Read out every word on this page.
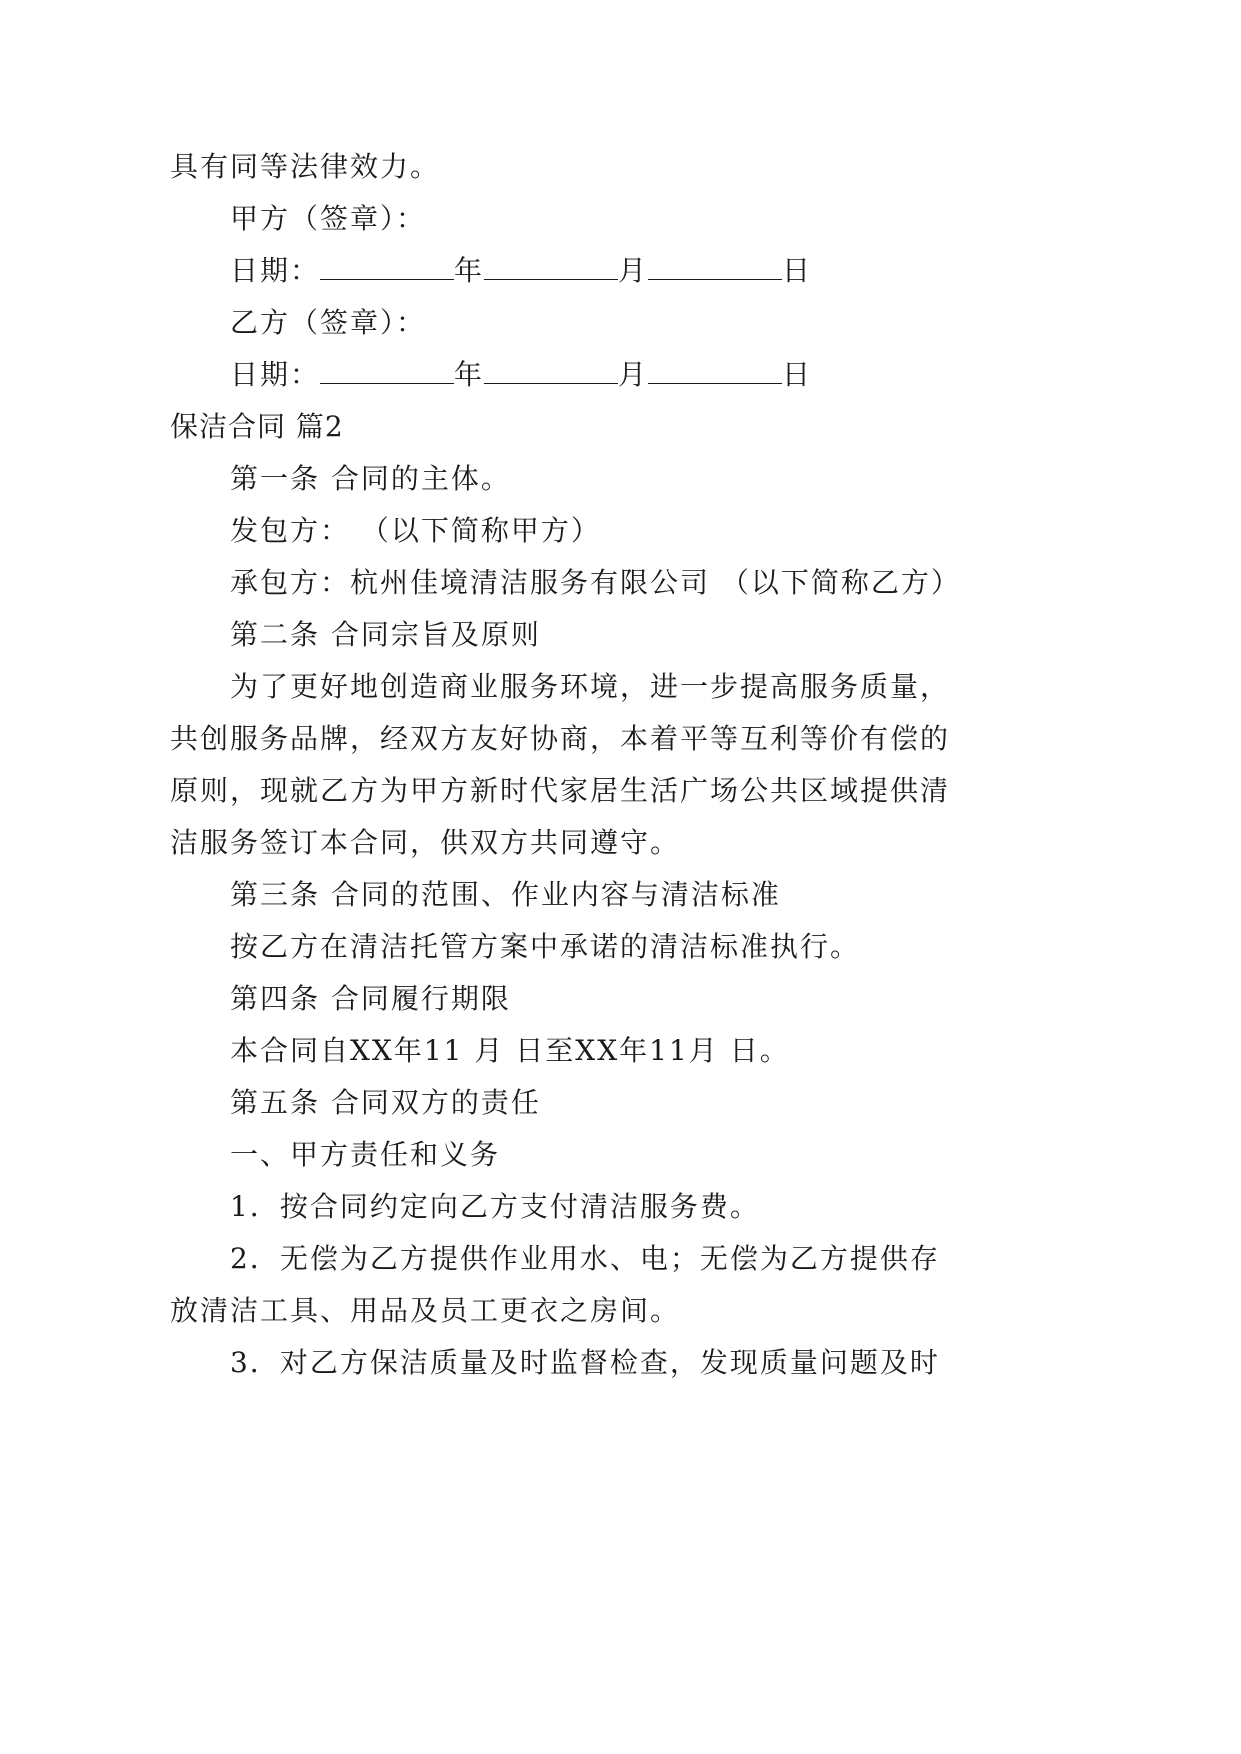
具有同等法律效力。
甲方（签章）：
日期：	年	月	日
乙方（签章）：
日期：	年	月	日
保洁合同 篇2
第一条 合同的主体。
发包方： （以下简称甲方）
承包方：杭州佳境清洁服务有限公司 （以下简称乙方）
第二条 合同宗旨及原则
为了更好地创造商业服务环境，进一步提高服务质量，
共创服务品牌，经双方友好协商，本着平等互利等价有偿的
原则，现就乙方为甲方新时代家居生活广场公共区域提供清
洁服务签订本合同，供双方共同遵守。
第三条 合同的范围、作业内容与清洁标准
按乙方在清洁托管方案中承诺的清洁标准执行。
第四条 合同履行期限
本合同自XX年11 月 日至XX年11月 日。
第五条 合同双方的责任
一、甲方责任和义务
1．按合同约定向乙方支付清洁服务费。
2．无偿为乙方提供作业用水、电；无偿为乙方提供存
放清洁工具、用品及员工更衣之房间。
3．对乙方保洁质量及时监督检查，发现质量问题及时
